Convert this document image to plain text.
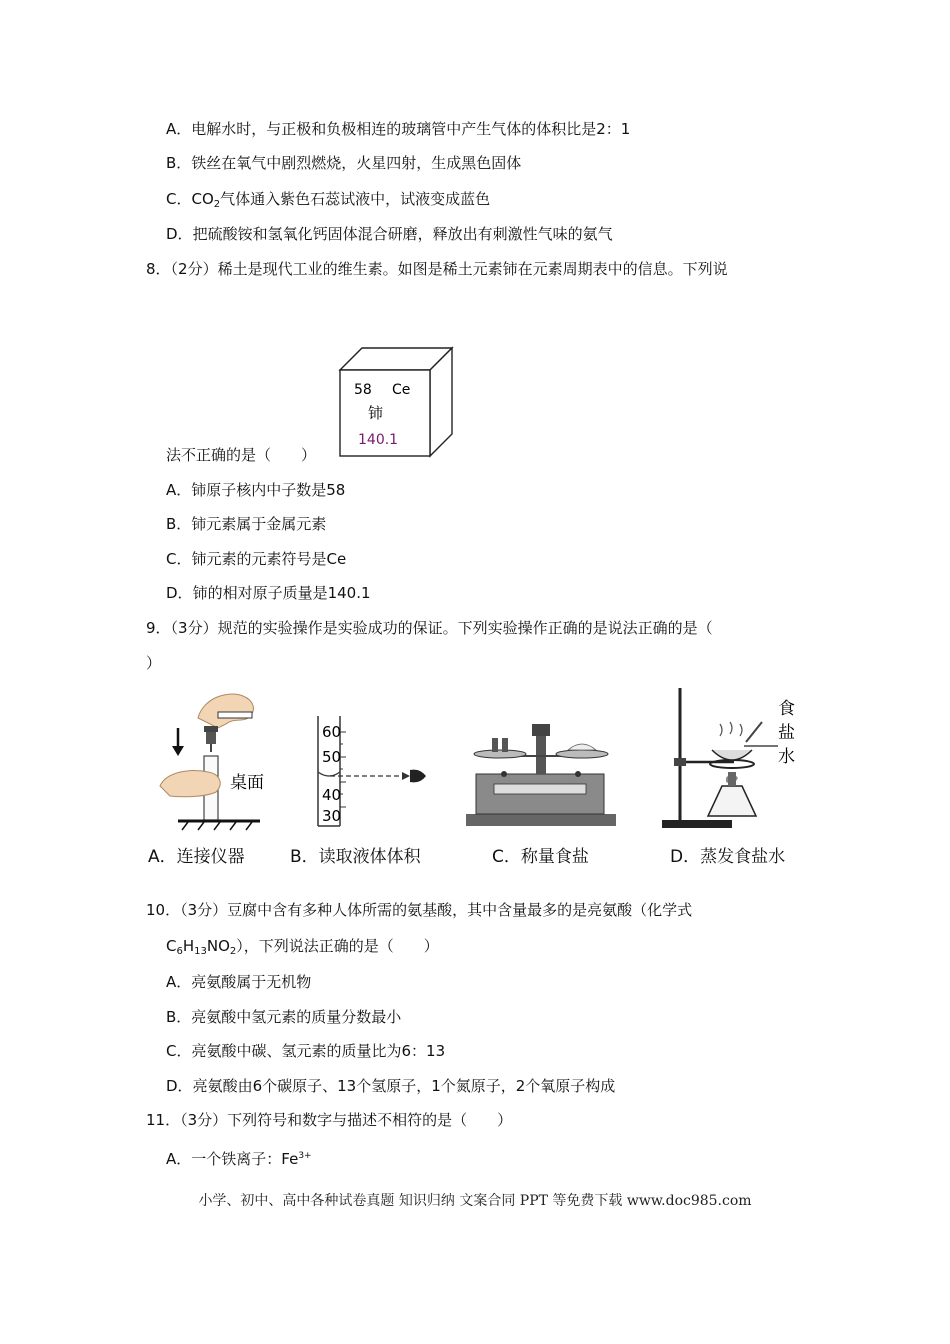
A．电解水时，与正极和负极相连的玻璃管中产生气体的体积比是2：1
B．铁丝在氧气中剧烈燃烧，火星四射，生成黑色固体
C．$CO_2$气体通入紫色石蕊试液中，试液变成蓝色
D．把硫酸铵和氢氧化钙固体混合研磨，释放出有刺激性气味的氨气
8．（2分）稀土是现代工业的维生素。如图是稀土元素铈在元素周期表中的信息。下列说
58 Ce
铈
140.1
法不正确的是（　　）
A．铈原子核内中子数是58
B．铈元素属于金属元素
C．铈元素的元素符号是Ce
D．铈的相对原子质量是140.1
9．（3分）规范的实验操作是实验成功的保证。下列实验操作正确的是说法正确的是（
）
桌面
60
50
40
30
食
盐
水
A．连接仪器	B．读取液体体积	C．称量食盐	D．蒸发食盐水
10．（3分）豆腐中含有多种人体所需的氨基酸，其中含量最多的是亮氨酸（化学式
$C_6H_{13}NO_2$），下列说法正确的是（　　）
A．亮氨酸属于无机物
B．亮氨酸中氢元素的质量分数最小
C．亮氨酸中碳、氢元素的质量比为6：13
D．亮氨酸由6个碳原子、13个氢原子，1个氮原子，2个氧原子构成
11．（3分）下列符号和数字与描述不相符的是（　　）
A．一个铁离子：$Fe^{3+}$
小学、初中、高中各种试卷真题 知识归纳 文案合同 PPT 等免费下载 www.doc985.com
